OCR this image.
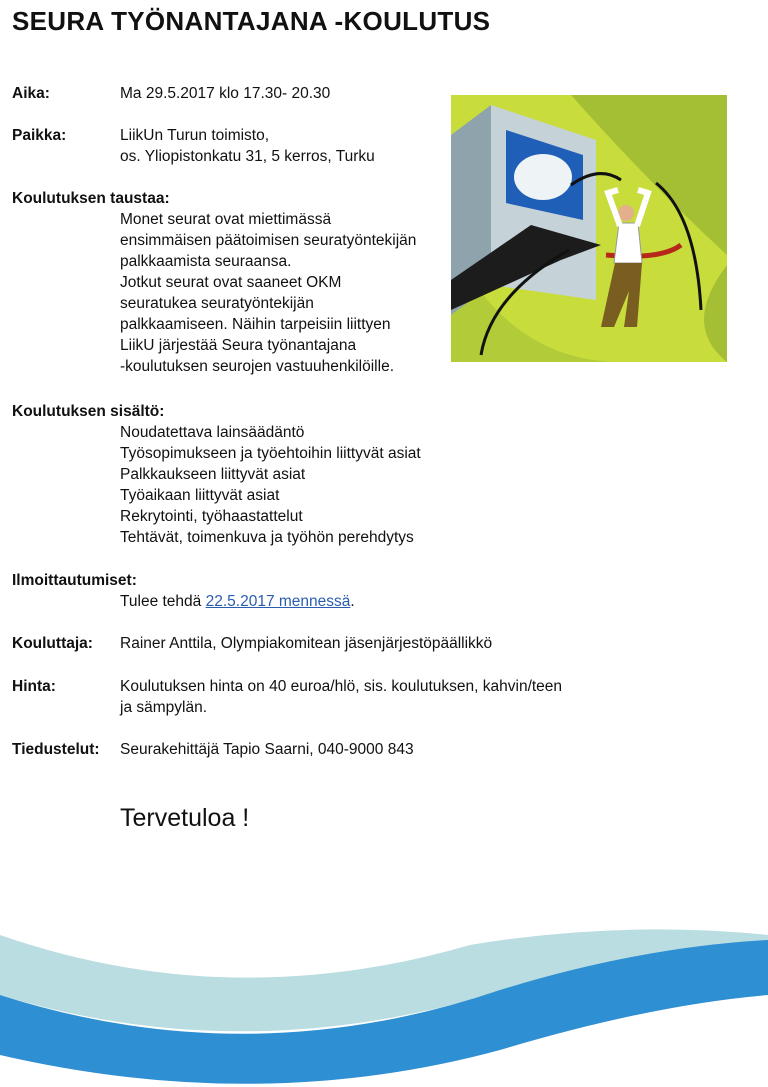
SEURA TYÖNANTAJANA -KOULUTUS
Aika:	Ma 29.5.2017 klo 17.30- 20.30
Paikka:	LiikUn Turun toimisto,
os. Yliopistonkatu 31, 5 kerros, Turku
Koulutuksen taustaa:
Monet seurat ovat miettimässä
ensimmäisen päätoimisen seuratyöntekijän
palkkaamista seuraansa.
Jotkut seurat ovat saaneet OKM
seuratukea seuratyöntekijän
palkkaamiseen. Näihin tarpeisiin liittyen
LiikU järjestää Seura työnantajana
-koulutuksen seurojen vastuuhenkilöille.
Koulutuksen sisältö:
Noudatettava lainsäädäntö
Työsopimukseen ja työehtoihin liittyvät asiat
Palkkaukseen liittyvät asiat
Työaikaan liittyvät asiat
Rekrytointi, työhaastattelut
Tehtävät, toimenkuva ja työhön perehdytys
Ilmoittautumiset:
Tulee tehdä 22.5.2017 mennessä.
Kouluttaja: Rainer Anttila, Olympiakomitean jäsenjärjestöpäällikkö
Hinta:	Koulutuksen hinta on 40 euroa/hlö, sis. koulutuksen, kahvin/teen
ja sämpylän.
Tiedustelut: Seurakehittäjä Tapio Saarni, 040-9000 843
Tervetuloa !
